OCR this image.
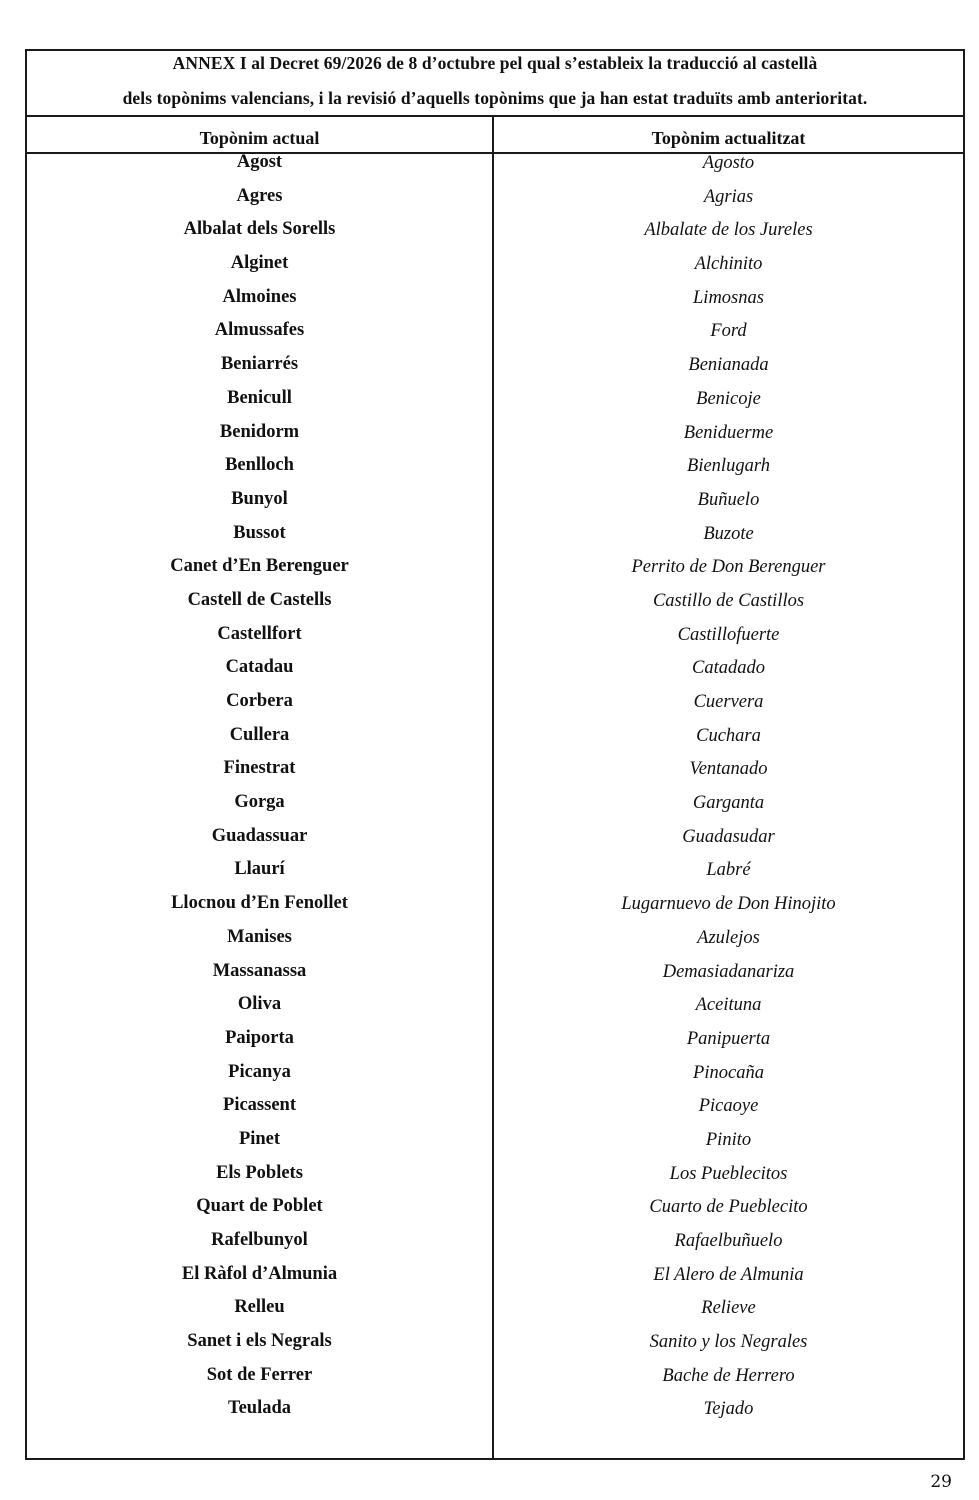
ANNEX I al Decret 69/2026 de 8 d’octubre pel qual s’estableix la traducció al castellà
dels topònims valencians, i la revisió d’aquells topònims que ja han estat traduïts amb anterioritat.
Topònim actual	Topònim actualitzat
Agost	Agosto
Agres	Agrias
Albalat dels Sorells	Albalate de los Jureles
Alginet	Alchinito
Almoines	Limosnas
Almussafes	Ford
Beniarrés	Benianada
Benicull	Benicoje
Benidorm	Beniduerme
Benlloch	Bienlugarh
Bunyol	Buñuelo
Bussot	Buzote
Canet d’En Berenguer	Perrito de Don Berenguer
Castell de Castells	Castillo de Castillos
Castellfort	Castillofuerte
Catadau	Catadado
Corbera	Cuervera
Cullera	Cuchara
Finestrat	Ventanado
Gorga	Garganta
Guadassuar	Guadasudar
Llaurí	Labré
Llocnou d’En Fenollet	Lugarnuevo de Don Hinojito
Manises	Azulejos
Massanassa	Demasiadanariza
Oliva	Aceituna
Paiporta	Panipuerta
Picanya	Pinocaña
Picassent	Picaoye
Pinet	Pinito
Els Poblets	Los Pueblecitos
Quart de Poblet	Cuarto de Pueblecito
Rafelbunyol	Rafaelbuñuelo
El Ràfol d’Almunia	El Alero de Almunia
Relleu	Relieve
Sanet i els Negrals	Sanito y los Negrales
Sot de Ferrer	Bache de Herrero
Teulada	Tejado
29
